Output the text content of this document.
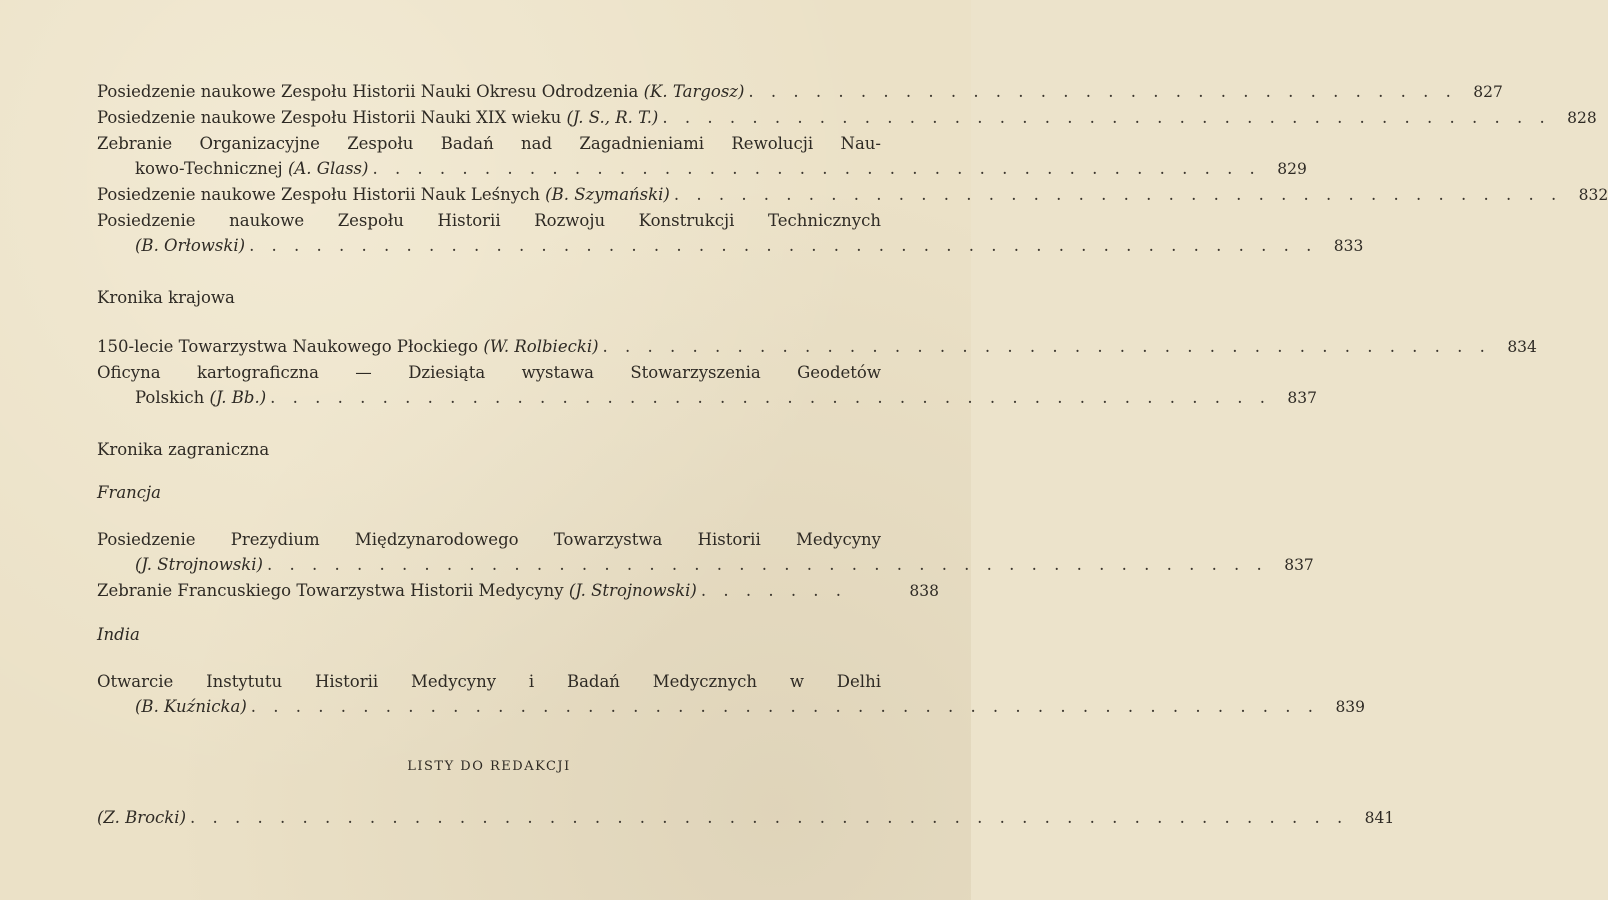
Posiedzenie naukowe Zespołu Historii Nauki Okresu Odrodzenia
(K. Targosz) . . . . . . . . . . . . . . . . . . . . . . . . . . . . . . . .	827
Posiedzenie naukowe Zespołu Historii Nauki XIX wieku
(J. S., R. T.) . . . . . . . . . . . . . . . . . . . . . . . . . . . . . . . . . . . . . . . .	828
Zebranie Organizacyjne Zespołu Badań nad Zagadnieniami Rewolucji Nau-
kowo-Technicznej
(A. Glass) . . . . . . . . . . . . . . . . . . . . . . . . . . . . . . . . . . . . . . . .	829
Posiedzenie naukowe Zespołu Historii Nauk Leśnych
(B. Szymański) . . . . . . . . . . . . . . . . . . . . . . . . . . . . . . . . . . . . . . . .	832
Posiedzenie naukowe Zespołu Historii Rozwoju Konstrukcji Technicznych
(B. Orłowski) . . . . . . . . . . . . . . . . . . . . . . . . . . . . . . . . . . . . . . . . . . . . . . . .	833
Kronika krajowa
150-lecie Towarzystwa Naukowego Płockiego
(W. Rolbiecki) . . . . . . . . . . . . . . . . . . . . . . . . . . . . . . . . . . . . . . . .	834
Oficyna kartograficzna — Dziesiąta wystawa Stowarzyszenia Geodetów
Polskich
(J. Bb.) . . . . . . . . . . . . . . . . . . . . . . . . . . . . . . . . . . . . . . . . . . . . .	837
Kronika zagraniczna
Francja
Posiedzenie Prezydium Międzynarodowego Towarzystwa Historii Medycyny
(J. Strojnowski) . . . . . . . . . . . . . . . . . . . . . . . . . . . . . . . . . . . . . . . . . . . . .	837
Zebranie Francuskiego Towarzystwa Historii Medycyny
(J. Strojnowski) . . . . . . .	838
India
Otwarcie Instytutu Historii Medycyny i Badań Medycznych w Delhi
(B. Kuźnicka) . . . . . . . . . . . . . . . . . . . . . . . . . . . . . . . . . . . . . . . . . . . . . . . .	839
LISTY DO REDAKCJI
(Z. Brocki) . . . . . . . . . . . . . . . . . . . . . . . . . . . . . . . . . . . . . . . . . . . . . . . . . . . .	841
